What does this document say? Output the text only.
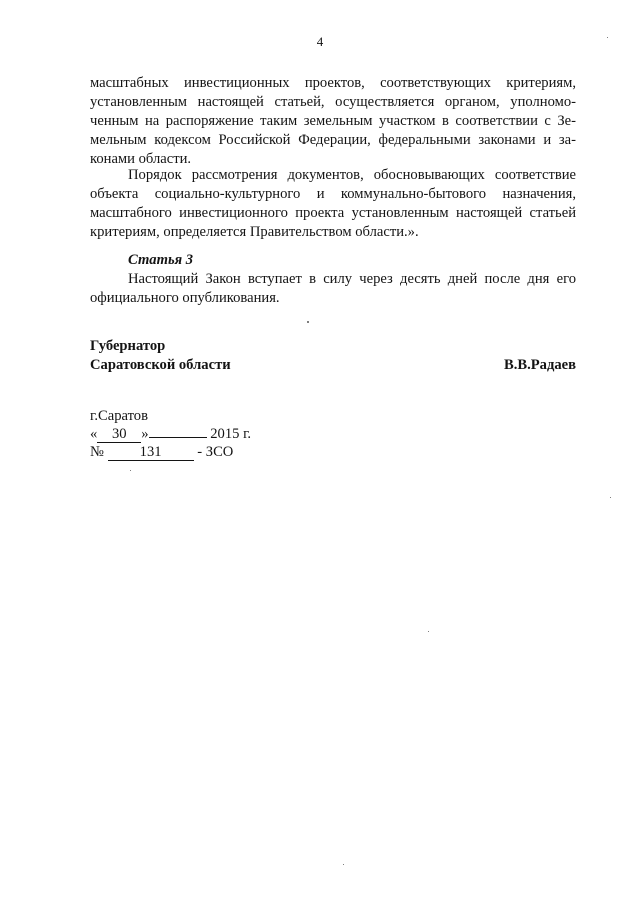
4
масштабных инвестиционных проектов, соответствующих критериям,
установленным настоящей статьей, осуществляется органом, уполномо-
ченным на распоряжение таким земельным участком в соответствии с Зе-
мельным кодексом Российской Федерации, федеральными законами и за-
конами области.
Порядок рассмотрения документов, обосновывающих соответствие
объекта социально-культурного и коммунально-бытового назначения,
масштабного инвестиционного проекта установленным настоящей статьей
критериям, определяется Правительством области.».
Статья 3
Настоящий Закон вступает в силу через десять дней после дня его
официального опубликования.
Губернатор
Саратовской области	В.В.Радаев
г.Саратов
« 30 »	2015 г.
№ 131 - ЗСО
